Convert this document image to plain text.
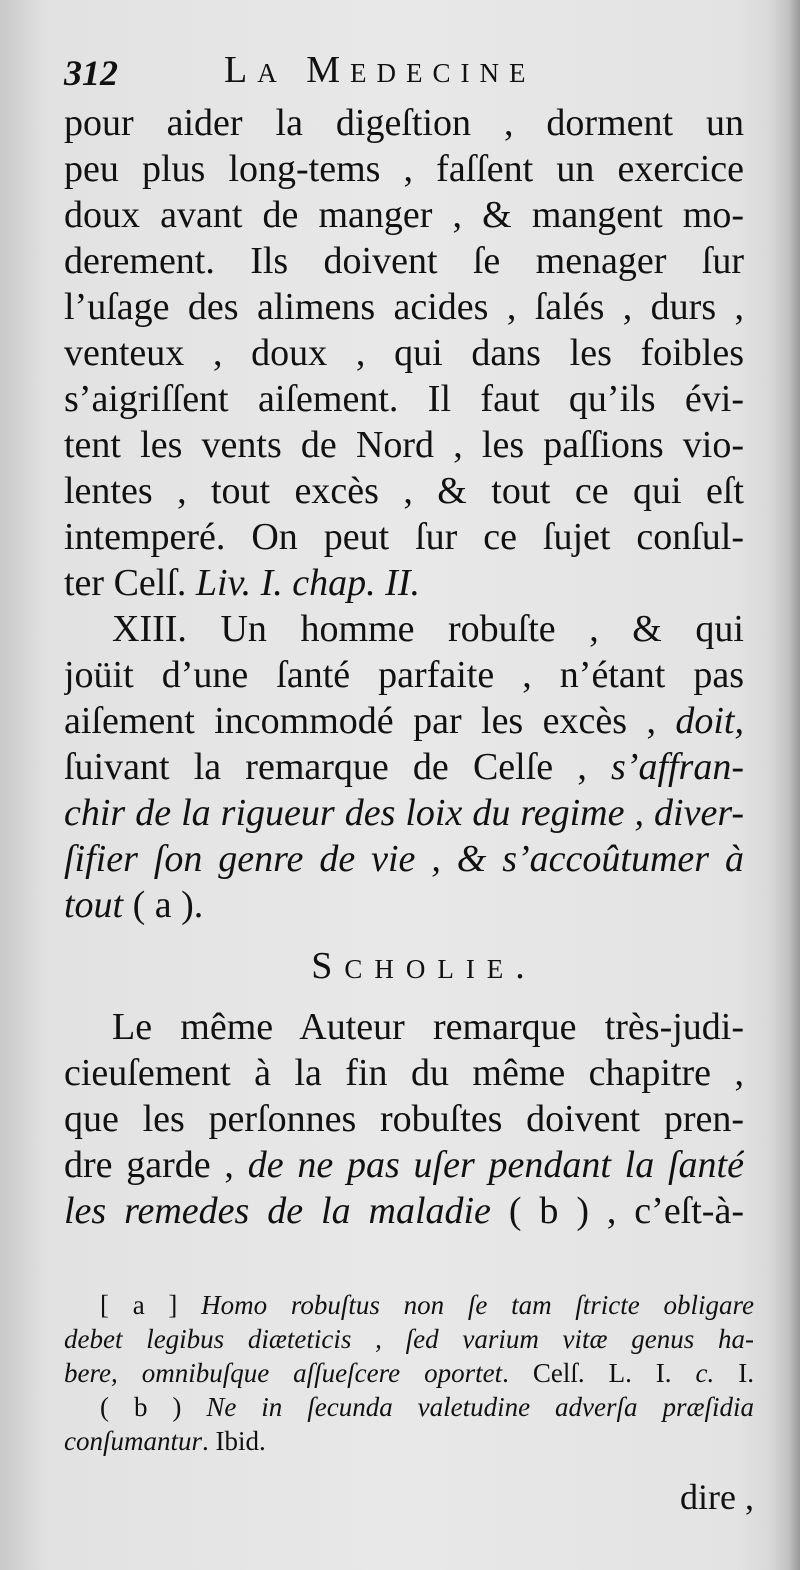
312	La Medecine
pour aider la digeſtion , dorment un
peu plus long-tems , faſſent un exercice
doux avant de manger , & mangent mo-
derement. Ils doivent ſe menager ſur
l’uſage des alimens acides , ſalés , durs ,
venteux , doux , qui dans les foibles
s’aigriſſent aiſement. Il faut qu’ils évi-
tent les vents de Nord , les paſſions vio-
lentes , tout excès , & tout ce qui eſt
intemperé. On peut ſur ce ſujet conſul-
ter Celſ. Liv. I. chap. II.
XIII. Un homme robuſte , & qui
joüit d’une ſanté parfaite , n’étant pas
aiſement incommodé par les excès , doit,
ſuivant la remarque de Celſe , s’affran-
chir de la rigueur des loix du regime , diver-
ſifier ſon genre de vie , & s’accoûtumer à
tout ( a ).
Scholie.
Le même Auteur remarque très-judi-
cieuſement à la fin du même chapitre ,
que les perſonnes robuſtes doivent pren-
dre garde , de ne pas uſer pendant la ſanté
les remedes de la maladie ( b ) , c’eſt-à-
[ a ] Homo robuſtus non ſe tam ſtricte obligare
debet legibus diæteticis , ſed varium vitæ genus ha-
bere, omnibuſque aſſueſcere oportet. Celſ. L. I. c. I.
( b ) Ne in ſecunda valetudine adverſa præſidia
conſumantur. Ibid.
dire ,
